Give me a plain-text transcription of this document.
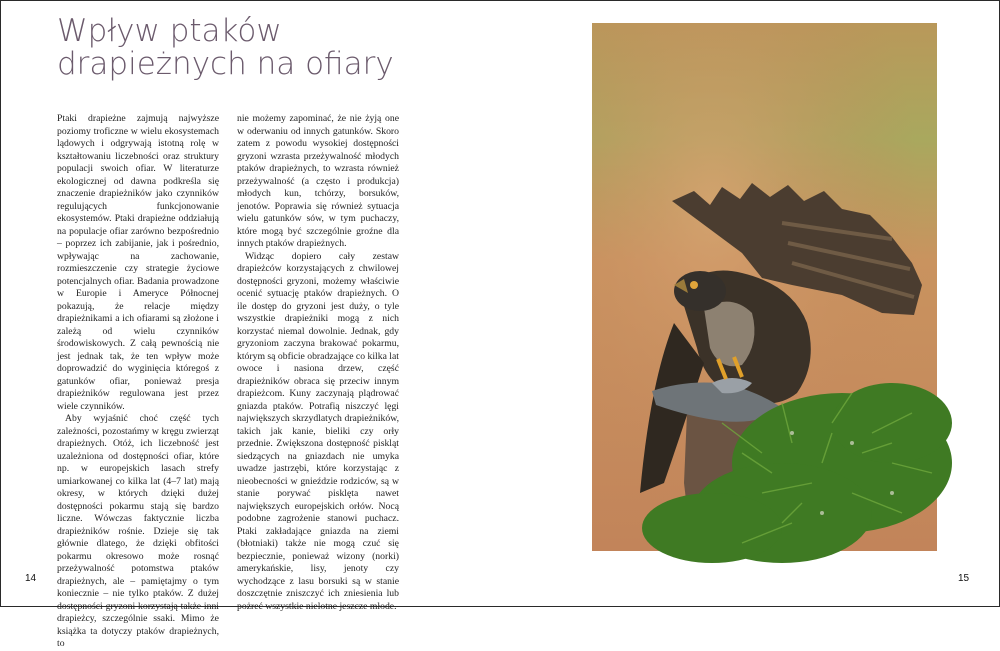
Wpływ ptaków
drapieżnych na ofiary

Ptaki drapieżne zajmują najwyższe poziomy troficzne w wielu ekosystemach lądowych i odgrywają istotną rolę w kształtowaniu liczebności oraz struktury populacji swoich ofiar. W literaturze ekologicznej od dawna podkreśla się znaczenie drapieżników jako czynników regulujących funkcjonowanie ekosystemów. Ptaki drapieżne oddziałują na populacje ofiar zarówno bezpośrednio – poprzez ich zabijanie, jak i pośrednio, wpływając na zachowanie, rozmieszczenie czy strategie życiowe potencjalnych ofiar. Badania prowadzone w Europie i Ameryce Północnej pokazują, że relacje między drapieżnikami a ich ofiarami są złożone i zależą od wielu czynników środowiskowych. Z całą pewnością nie jest jednak tak, że ten wpływ może doprowadzić do wyginięcia któregoś z gatunków ofiar, ponieważ presja drapieżników regulowana jest przez wiele czynników.

Aby wyjaśnić choć część tych zależności, pozostańmy w kręgu zwierząt drapieżnych. Otóż, ich liczebność jest uzależniona od dostępności ofiar, które np. w europejskich lasach strefy umiarkowanej co kilka lat (4–7 lat) mają okresy, w których dzięki dużej dostępności pokarmu stają się bardzo liczne. Wówczas faktycznie liczba drapieżników rośnie. Dzieje się tak głównie dlatego, że dzięki obfitości pokarmu okresowo może rosnąć przeżywalność potomstwa ptaków drapieżnych, ale – pamiętajmy o tym koniecznie – nie tylko ptaków. Z dużej dostępności gryzoni korzystają także inni drapieżcy, szczególnie ssaki. Mimo że książka ta dotyczy ptaków drapieżnych, to

nie możemy zapominać, że nie żyją one w oderwaniu od innych gatunków. Skoro zatem z powodu wysokiej dostępności gryzoni wzrasta przeżywalność młodych ptaków drapieżnych, to wzrasta również przeżywalność (a często i produkcja) młodych kun, tchórzy, borsuków, jenotów. Poprawia się również sytuacja wielu gatunków sów, w tym puchaczy, które mogą być szczególnie groźne dla innych ptaków drapieżnych.

Widząc dopiero cały zestaw drapieżców korzystających z chwilowej dostępności gryzoni, możemy właściwie ocenić sytuację ptaków drapieżnych. O ile dostęp do gryzoni jest duży, o tyle wszystkie drapieżniki mogą z nich korzystać niemal dowolnie. Jednak, gdy gryzoniom zaczyna brakować pokarmu, którym są obficie obradzające co kilka lat owoce i nasiona drzew, część drapieżników obraca się przeciw innym drapieżcom. Kuny zaczynają plądrować gniazda ptaków. Potrafią niszczyć lęgi największych skrzydlatych drapieżników, takich jak kanie, bieliki czy orły przednie. Zwiększona dostępność piskląt siedzących na gniazdach nie umyka uwadze jastrzębi, które korzystając z nieobecności w gnieździe rodziców, są w stanie porywać pisklęta nawet największych europejskich orłów. Nocą podobne zagrożenie stanowi puchacz. Ptaki zakładające gniazda na ziemi (błotniaki) także nie mogą czuć się bezpiecznie, ponieważ wizony (norki) amerykańskie, lisy, jenoty czy wychodzące z lasu borsuki są w stanie doszczętnie zniszczyć ich zniesienia lub pożreć wszystkie nielotne jeszcze młode.

14	15
